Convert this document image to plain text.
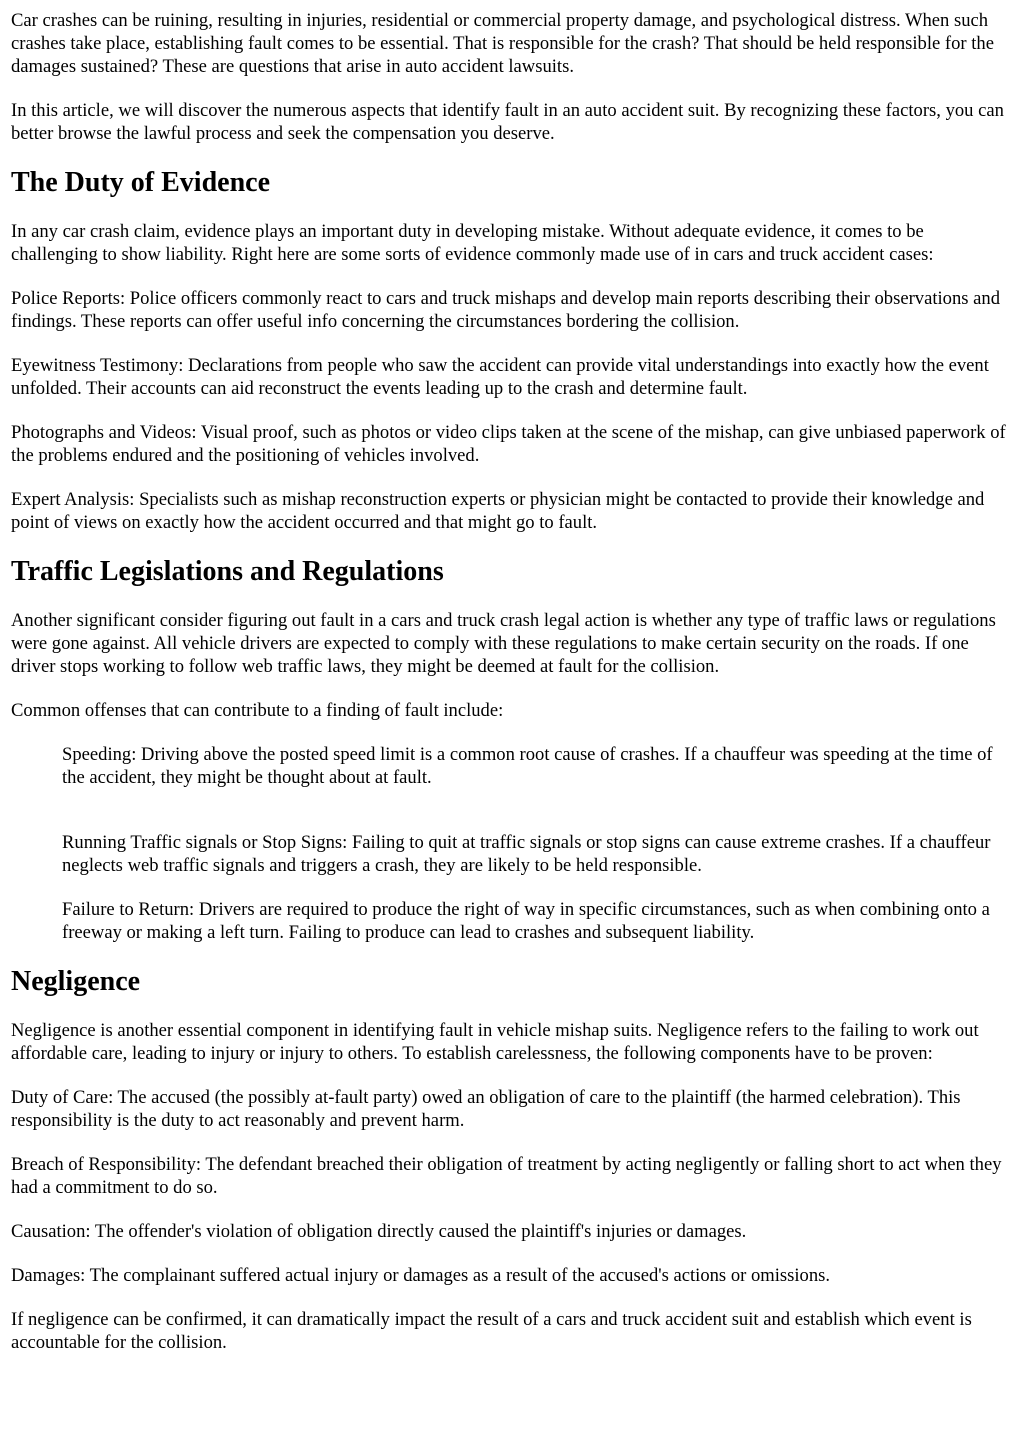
Car crashes can be ruining, resulting in injuries, residential or commercial property damage, and psychological distress. When such crashes take place, establishing fault comes to be essential. That is responsible for the crash? That should be held responsible for the damages sustained? These are questions that arise in auto accident lawsuits.

In this article, we will discover the numerous aspects that identify fault in an auto accident suit. By recognizing these factors, you can better browse the lawful process and seek the compensation you deserve.

The Duty of Evidence

In any car crash claim, evidence plays an important duty in developing mistake. Without adequate evidence, it comes to be challenging to show liability. Right here are some sorts of evidence commonly made use of in cars and truck accident cases:

Police Reports: Police officers commonly react to cars and truck mishaps and develop main reports describing their observations and findings. These reports can offer useful info concerning the circumstances bordering the collision.

Eyewitness Testimony: Declarations from people who saw the accident can provide vital understandings into exactly how the event unfolded. Their accounts can aid reconstruct the events leading up to the crash and determine fault.

Photographs and Videos: Visual proof, such as photos or video clips taken at the scene of the mishap, can give unbiased paperwork of the problems endured and the positioning of vehicles involved.

Expert Analysis: Specialists such as mishap reconstruction experts or physician might be contacted to provide their knowledge and point of views on exactly how the accident occurred and that might go to fault.

Traffic Legislations and Regulations

Another significant consider figuring out fault in a cars and truck crash legal action is whether any type of traffic laws or regulations were gone against. All vehicle drivers are expected to comply with these regulations to make certain security on the roads. If one driver stops working to follow web traffic laws, they might be deemed at fault for the collision.

Common offenses that can contribute to a finding of fault include:

Speeding: Driving above the posted speed limit is a common root cause of crashes. If a chauffeur was speeding at the time of the accident, they might be thought about at fault.

Running Traffic signals or Stop Signs: Failing to quit at traffic signals or stop signs can cause extreme crashes. If a chauffeur neglects web traffic signals and triggers a crash, they are likely to be held responsible.

Failure to Return: Drivers are required to produce the right of way in specific circumstances, such as when combining onto a freeway or making a left turn. Failing to produce can lead to crashes and subsequent liability.

Negligence

Negligence is another essential component in identifying fault in vehicle mishap suits. Negligence refers to the failing to work out affordable care, leading to injury or injury to others. To establish carelessness, the following components have to be proven:

Duty of Care: The accused (the possibly at-fault party) owed an obligation of care to the plaintiff (the harmed celebration). This responsibility is the duty to act reasonably and prevent harm.

Breach of Responsibility: The defendant breached their obligation of treatment by acting negligently or falling short to act when they had a commitment to do so.

Causation: The offender's violation of obligation directly caused the plaintiff's injuries or damages.

Damages: The complainant suffered actual injury or damages as a result of the accused's actions or omissions.

If negligence can be confirmed, it can dramatically impact the result of a cars and truck accident suit and establish which event is accountable for the collision.
